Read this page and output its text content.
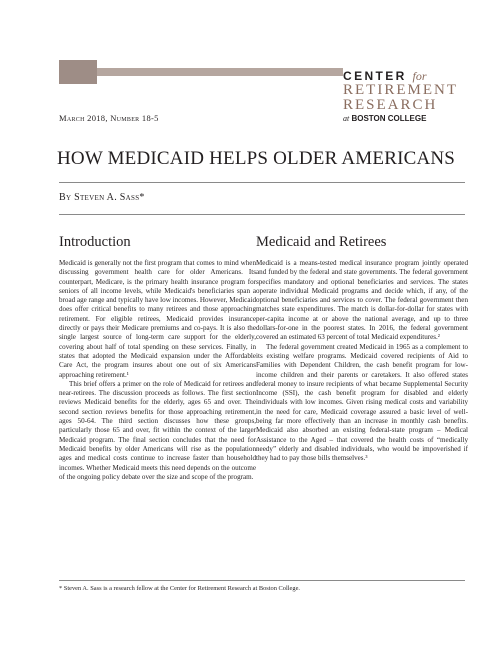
CENTER for
RETIREMENT
RESEARCH
at BOSTON COLLEGE
March 2018, Number 18-5
HOW MEDICAID HELPS OLDER AMERICANS
By Steven A. Sass*
Introduction

Medicaid is generally not the first program that comes to mind when discussing government health care for older Americans. Its counterpart, Medicare, is the primary health insurance program for seniors of all income levels, while Medicaid's beneficiaries span a broad age range and typically have low incomes. However, Medicaid does offer critical benefits to many retirees and those approaching retirement. For eligible retirees, Medicaid provides insurance directly or pays their Medicare premiums and co-pays. It is also the single largest source of long-term care support for the elderly, covering about half of total spending on these services. Finally, in states that adopted the Medicaid expansion under the Affordable Care Act, the program insures about one out of six Americans approaching retirement.¹

This brief offers a primer on the role of Medicaid for retirees and near-retirees. The discussion proceeds as follows. The first section reviews Medicaid benefits for the elderly, ages 65 and over. The second section reviews benefits for those approaching retirement, ages 50-64. The third section discusses how these groups, particularly those 65 and over, fit within the context of the larger Medicaid program. The final section concludes that the need for Medicaid benefits by older Americans will rise as the population ages and medical costs continue to increase faster than household incomes. Whether Medicaid meets this need depends on the outcome of the ongoing policy debate over the size and scope of the program.

Medicaid and Retirees

Medicaid is a means-tested medical insurance program jointly operated and funded by the federal and state governments. The federal government specifies mandatory and optional beneficiaries and services. The states operate individual Medicaid programs and decide which, if any, of the optional beneficiaries and services to cover. The federal government then matches state expenditures. The match is dollar-for-dollar for states with per-capita income at or above the national average, and up to three dollars-for-one in the poorest states. In 2016, the federal government covered an estimated 63 percent of total Medicaid expenditures.²

The federal government created Medicaid in 1965 as a complement to its existing welfare programs. Medicaid covered recipients of Aid to Families with Dependent Children, the cash benefit program for low-income children and their parents or caretakers. It also offered states federal money to insure recipients of what became Supplemental Security Income (SSI), the cash benefit program for disabled and elderly individuals with low incomes. Given rising medical costs and variability in the need for care, Medicaid coverage assured a basic level of well-being far more effectively than an increase in monthly cash benefits. Medicaid also absorbed an existing federal-state program – Medical Assistance to the Aged – that covered the health costs of “medically needy” elderly and disabled individuals, who would be impoverished if they had to pay those bills themselves.³

* Steven A. Sass is a research fellow at the Center for Retirement Research at Boston College.
